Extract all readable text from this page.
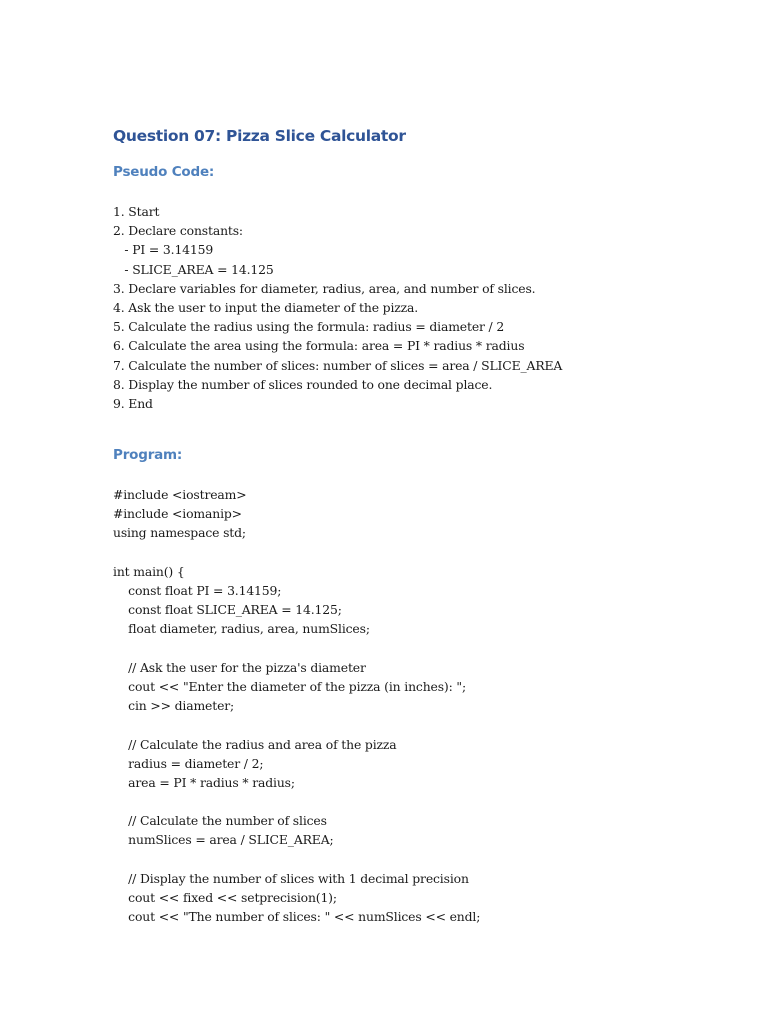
Question 07: Pizza Slice Calculator
Pseudo Code:
1. Start
2. Declare constants:
- PI = 3.14159
- SLICE_AREA = 14.125
3. Declare variables for diameter, radius, area, and number of slices.
4. Ask the user to input the diameter of the pizza.
5. Calculate the radius using the formula: radius = diameter / 2
6. Calculate the area using the formula: area = PI * radius * radius
7. Calculate the number of slices: number of slices = area / SLICE_AREA
8. Display the number of slices rounded to one decimal place.
9. End
Program:
#include <iostream>
#include <iomanip>
using namespace std;
int main() {
const float PI = 3.14159;
const float SLICE_AREA = 14.125;
float diameter, radius, area, numSlices;
// Ask the user for the pizza's diameter
cout << "Enter the diameter of the pizza (in inches): ";
cin >> diameter;
// Calculate the radius and area of the pizza
radius = diameter / 2;
area = PI * radius * radius;
// Calculate the number of slices
numSlices = area / SLICE_AREA;
// Display the number of slices with 1 decimal precision
cout << fixed << setprecision(1);
cout << "The number of slices: " << numSlices << endl;
